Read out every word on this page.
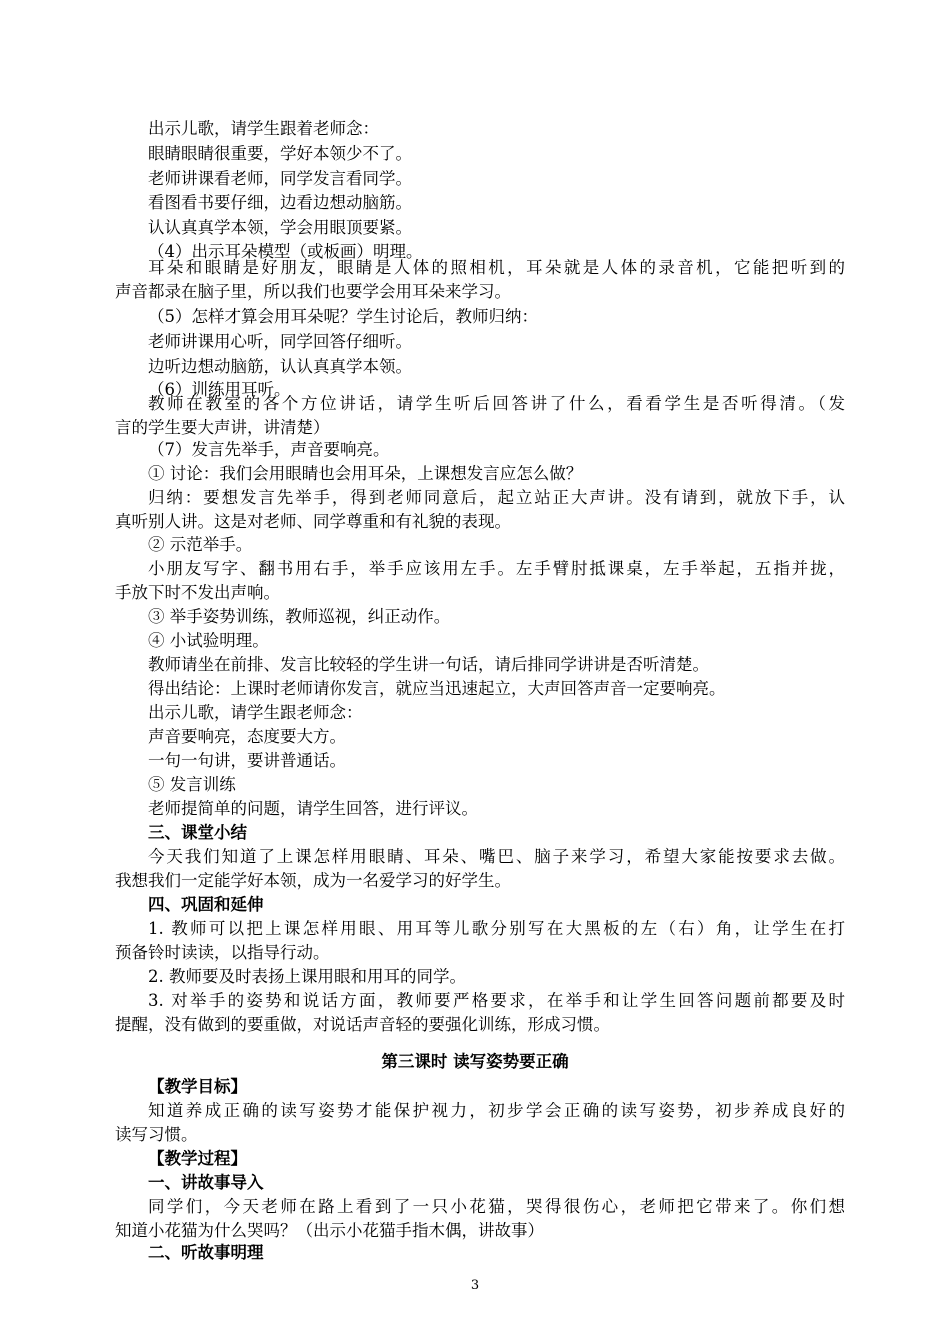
出示儿歌，请学生跟着老师念：
眼睛眼睛很重要，学好本领少不了。
老师讲课看老师，同学发言看同学。
看图看书要仔细，边看边想动脑筋。
认认真真学本领，学会用眼顶要紧。
（4）出示耳朵模型（或板画）明理。
耳朵和眼睛是好朋友，眼睛是人体的照相机，耳朵就是人体的录音机，它能把听到的
声音都录在脑子里，所以我们也要学会用耳朵来学习。
（5）怎样才算会用耳朵呢？学生讨论后，教师归纳：
老师讲课用心听，同学回答仔细听。
边听边想动脑筋，认认真真学本领。
（6）训练用耳听。
教师在教室的各个方位讲话，请学生听后回答讲了什么，看看学生是否听得清。（发
言的学生要大声讲，讲清楚）
（7）发言先举手，声音要响亮。
① 讨论：我们会用眼睛也会用耳朵，上课想发言应怎么做？
归纳：要想发言先举手，得到老师同意后，起立站正大声讲。没有请到，就放下手，认
真听别人讲。这是对老师、同学尊重和有礼貌的表现。
② 示范举手。
小朋友写字、翻书用右手，举手应该用左手。左手臂肘抵课桌，左手举起，五指并拢，
手放下时不发出声响。
③ 举手姿势训练，教师巡视，纠正动作。
④ 小试验明理。
教师请坐在前排、发言比较轻的学生讲一句话，请后排同学讲讲是否听清楚。
得出结论：上课时老师请你发言，就应当迅速起立，大声回答声音一定要响亮。
出示儿歌，请学生跟老师念：
声音要响亮，态度要大方。
一句一句讲，要讲普通话。
⑤ 发言训练
老师提简单的问题，请学生回答，进行评议。
三、课堂小结
今天我们知道了上课怎样用眼睛、耳朵、嘴巴、脑子来学习，希望大家能按要求去做。
我想我们一定能学好本领，成为一名爱学习的好学生。
四、巩固和延伸
1. 教师可以把上课怎样用眼、用耳等儿歌分别写在大黑板的左（右）角，让学生在打
预备铃时读读，以指导行动。
2. 教师要及时表扬上课用眼和用耳的同学。
3. 对举手的姿势和说话方面，教师要严格要求，在举手和让学生回答问题前都要及时
提醒，没有做到的要重做，对说话声音轻的要强化训练，形成习惯。
第三课时 读写姿势要正确
【教学目标】
知道养成正确的读写姿势才能保护视力，初步学会正确的读写姿势，初步养成良好的
读写习惯。
【教学过程】
一、讲故事导入
同学们，今天老师在路上看到了一只小花猫，哭得很伤心，老师把它带来了。你们想
知道小花猫为什么哭吗？（出示小花猫手指木偶，讲故事）
二、听故事明理
3
